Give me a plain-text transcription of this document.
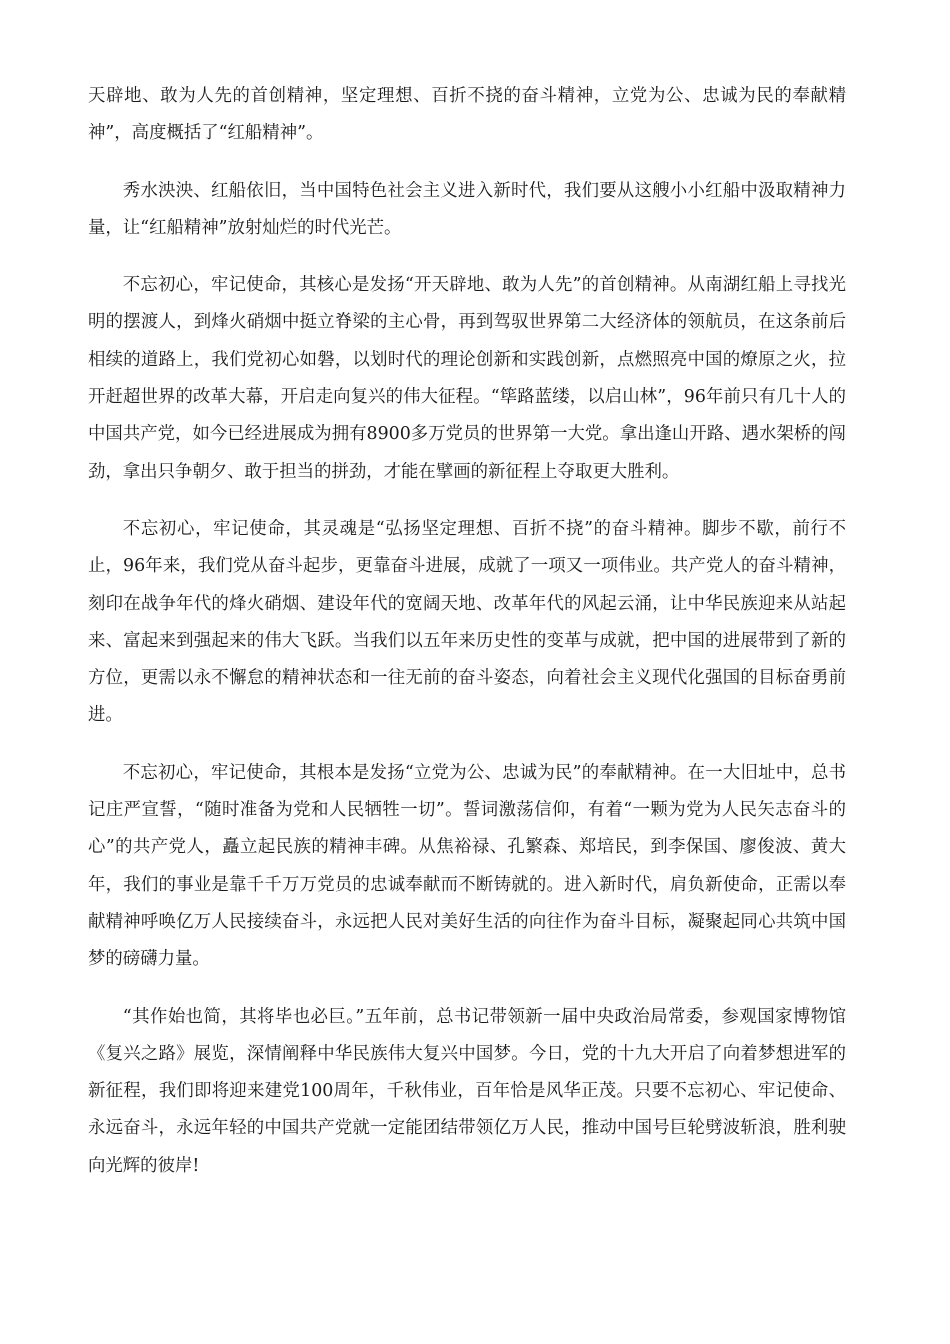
天辟地、敢为人先的首创精神，坚定理想、百折不挠的奋斗精神，立党为公、忠诚为民的奉献精神”，高度概括了“红船精神”。

秀水泱泱、红船依旧，当中国特色社会主义进入新时代，我们要从这艘小小红船中汲取精神力量，让“红船精神”放射灿烂的时代光芒。

不忘初心，牢记使命，其核心是发扬“开天辟地、敢为人先”的首创精神。从南湖红船上寻找光明的摆渡人，到烽火硝烟中挺立脊梁的主心骨，再到驾驭世界第二大经济体的领航员，在这条前后相续的道路上，我们党初心如磐，以划时代的理论创新和实践创新，点燃照亮中国的燎原之火，拉开赶超世界的改革大幕，开启走向复兴的伟大征程。“筚路蓝缕，以启山林”，96年前只有几十人的中国共产党，如今已经进展成为拥有8900多万党员的世界第一大党。拿出逢山开路、遇水架桥的闯劲，拿出只争朝夕、敢于担当的拼劲，才能在擘画的新征程上夺取更大胜利。

不忘初心，牢记使命，其灵魂是“弘扬坚定理想、百折不挠”的奋斗精神。脚步不歇，前行不止，96年来，我们党从奋斗起步，更靠奋斗进展，成就了一项又一项伟业。共产党人的奋斗精神，刻印在战争年代的烽火硝烟、建设年代的宽阔天地、改革年代的风起云涌，让中华民族迎来从站起来、富起来到强起来的伟大飞跃。当我们以五年来历史性的变革与成就，把中国的进展带到了新的方位，更需以永不懈怠的精神状态和一往无前的奋斗姿态，向着社会主义现代化强国的目标奋勇前进。

不忘初心，牢记使命，其根本是发扬“立党为公、忠诚为民”的奉献精神。在一大旧址中，总书记庄严宣誓，“随时准备为党和人民牺牲一切”。誓词激荡信仰，有着“一颗为党为人民矢志奋斗的心”的共产党人，矗立起民族的精神丰碑。从焦裕禄、孔繁森、郑培民，到李保国、廖俊波、黄大年，我们的事业是靠千千万万党员的忠诚奉献而不断铸就的。进入新时代，肩负新使命，正需以奉献精神呼唤亿万人民接续奋斗，永远把人民对美好生活的向往作为奋斗目标，凝聚起同心共筑中国梦的磅礴力量。

“其作始也简，其将毕也必巨。”五年前，总书记带领新一届中央政治局常委，参观国家博物馆《复兴之路》展览，深情阐释中华民族伟大复兴中国梦。今日，党的十九大开启了向着梦想进军的新征程，我们即将迎来建党100周年，千秋伟业，百年恰是风华正茂。只要不忘初心、牢记使命、永远奋斗，永远年轻的中国共产党就一定能团结带领亿万人民，推动中国号巨轮劈波斩浪，胜利驶向光辉的彼岸!
